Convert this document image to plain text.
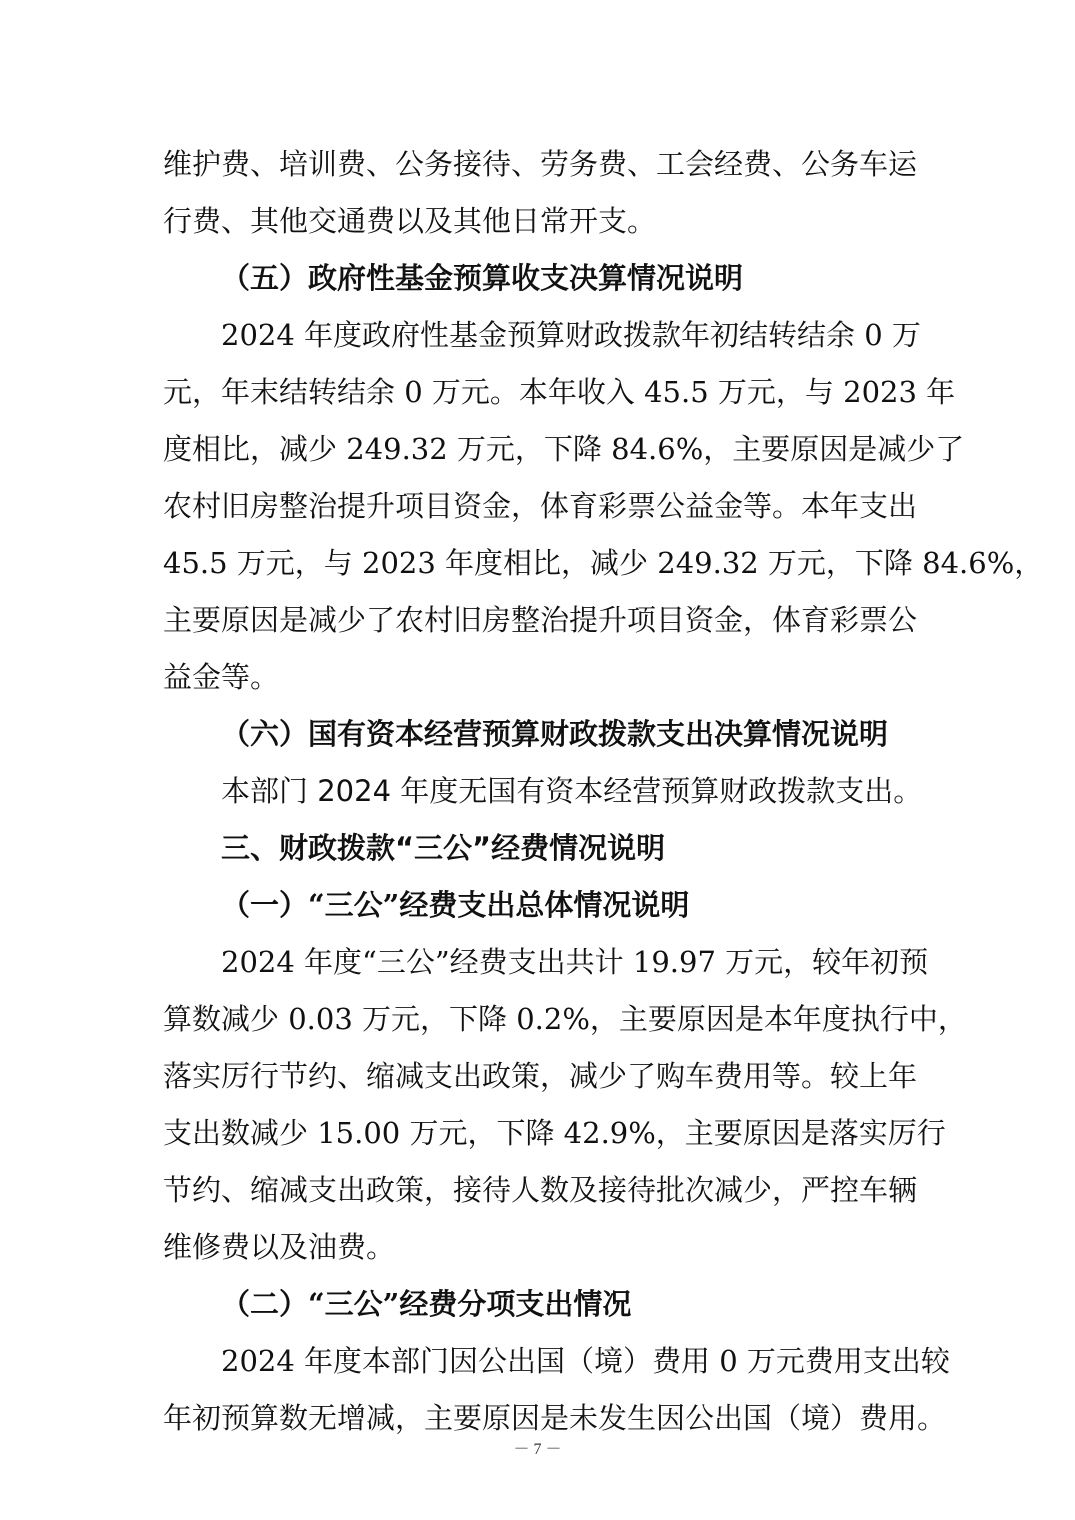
维护费、培训费、公务接待、劳务费、工会经费、公务车运
行费、其他交通费以及其他日常开支。
（五）政府性基金预算收支决算情况说明
2024 年度政府性基金预算财政拨款年初结转结余 0 万
元，年末结转结余 0 万元。本年收入 45.5 万元，与 2023 年
度相比，减少 249.32 万元，下降 84.6%，主要原因是减少了
农村旧房整治提升项目资金，体育彩票公益金等。本年支出
45.5 万元，与 2023 年度相比，减少 249.32 万元，下降 84.6%，
主要原因是减少了农村旧房整治提升项目资金，体育彩票公
益金等。
（六）国有资本经营预算财政拨款支出决算情况说明
本部门 2024 年度无国有资本经营预算财政拨款支出。
三、财政拨款“三公”经费情况说明
（一）“三公”经费支出总体情况说明
2024 年度“三公”经费支出共计 19.97 万元，较年初预
算数减少 0.03 万元，下降 0.2%，主要原因是本年度执行中，
落实厉行节约、缩减支出政策，减少了购车费用等。较上年
支出数减少 15.00 万元，下降 42.9%，主要原因是落实厉行
节约、缩减支出政策，接待人数及接待批次减少，严控车辆
维修费以及油费。
（二）“三公”经费分项支出情况
2024 年度本部门因公出国（境）费用 0 万元费用支出较
年初预算数无增减，主要原因是未发生因公出国（境）费用。
－ 7 －
